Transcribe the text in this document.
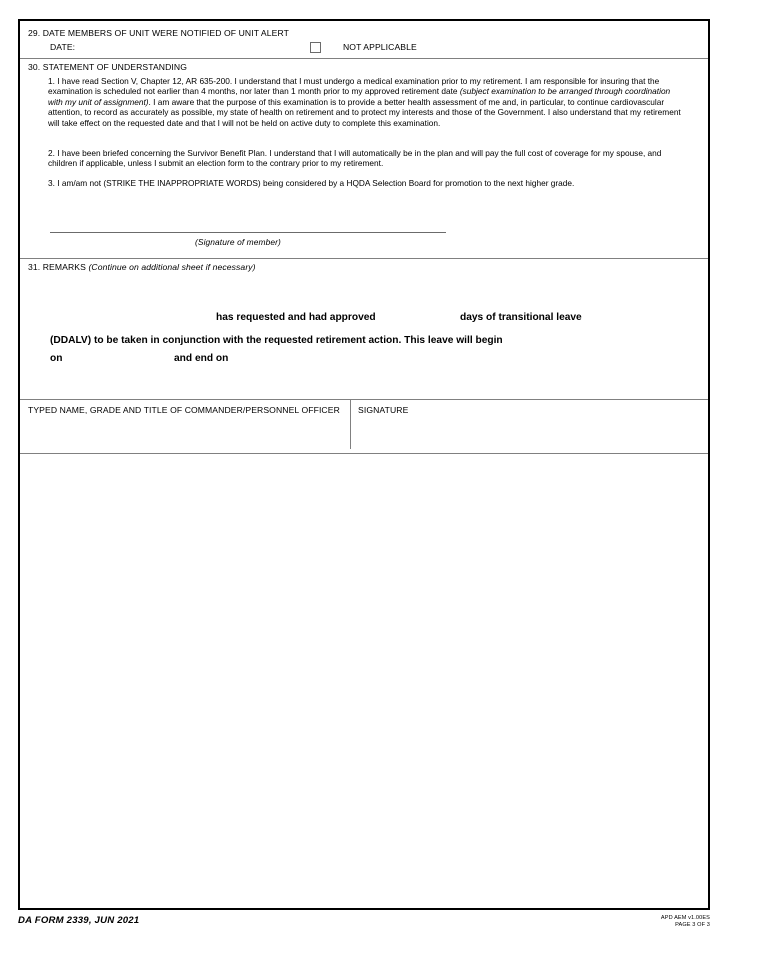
29. DATE MEMBERS OF UNIT WERE NOTIFIED OF UNIT ALERT
DATE:	NOT APPLICABLE
30. STATEMENT OF UNDERSTANDING
1. I have read Section V, Chapter 12, AR 635-200. I understand that I must undergo a medical examination prior to my retirement. I am responsible for insuring that the examination is scheduled not earlier than 4 months, nor later than 1 month prior to my approved retirement date (subject examination to be arranged through coordination with my unit of assignment). I am aware that the purpose of this examination is to provide a better health assessment of me and, in particular, to continue cardiovascular attention, to record as accurately as possible, my state of health on retirement and to protect my interests and those of the Government. I also understand that my retirement will take effect on the requested date and that I will not be held on active duty to complete this examination.
2. I have been briefed concerning the Survivor Benefit Plan. I understand that I will automatically be in the plan and will pay the full cost of coverage for my spouse, and children if applicable, unless I submit an election form to the contrary prior to my retirement.
3. I am/am not (STRIKE THE INAPPROPRIATE WORDS) being considered by a HQDA Selection Board for promotion to the next higher grade.
(Signature of member)
31. REMARKS (Continue on additional sheet if necessary)
has requested and had approved	days of transitional leave
(DDALV) to be taken in conjunction with the requested retirement action. This leave will begin
on	and end on
TYPED NAME, GRADE AND TITLE OF COMMANDER/PERSONNEL OFFICER	SIGNATURE
DA FORM 2339, JUN 2021	APD AEM v1.00ES
PAGE 3 OF 3
